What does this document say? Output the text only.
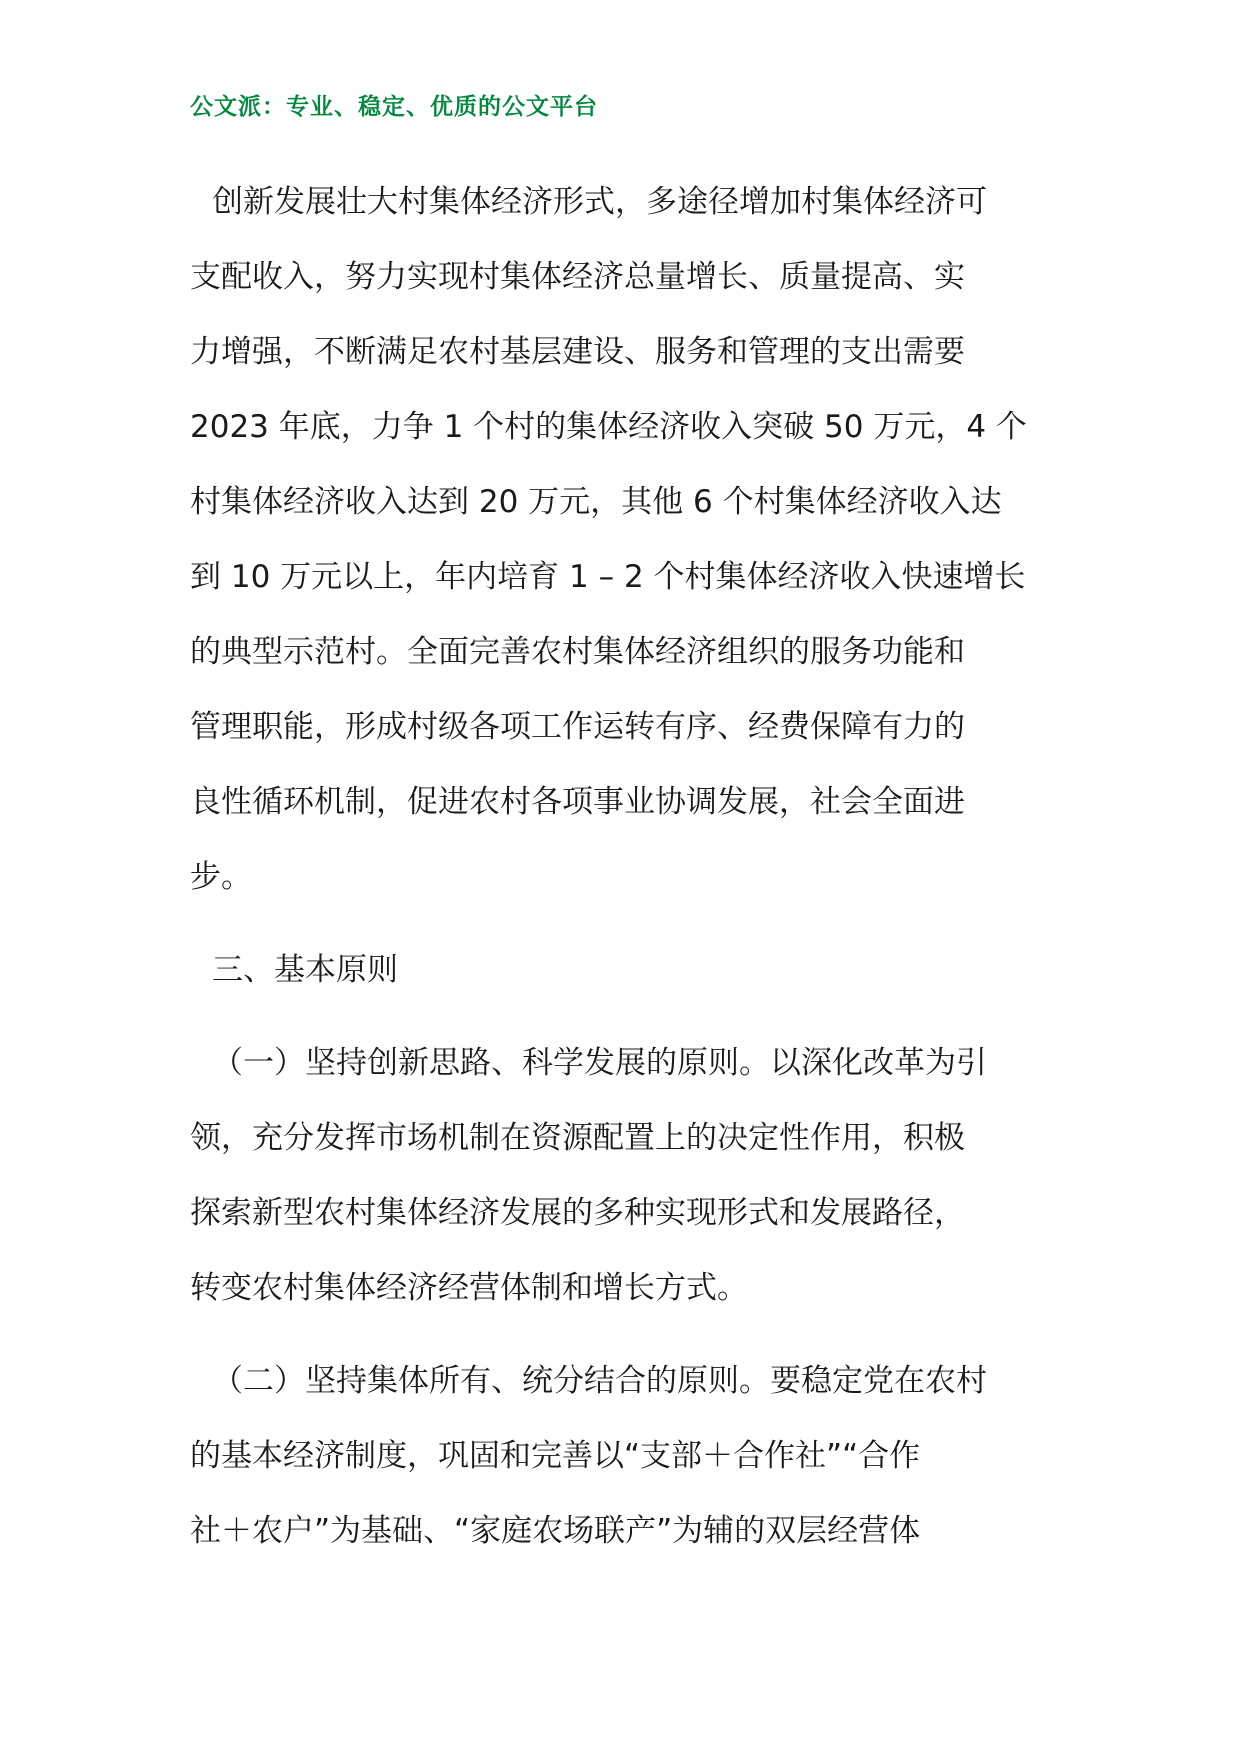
公文派：专业、稳定、优质的公文平台
创新发展壮大村集体经济形式，多途径增加村集体经济可
支配收入，努力实现村集体经济总量增长、质量提高、实
力增强，不断满足农村基层建设、服务和管理的支出需要
2023 年底，力争 1 个村的集体经济收入突破 50 万元，4 个
村集体经济收入达到 20 万元，其他 6 个村集体经济收入达
到 10 万元以上，年内培育 1 – 2 个村集体经济收入快速增长
的典型示范村。全面完善农村集体经济组织的服务功能和
管理职能，形成村级各项工作运转有序、经费保障有力的
良性循环机制，促进农村各项事业协调发展，社会全面进
步。
三、基本原则
（一）坚持创新思路、科学发展的原则。以深化改革为引
领，充分发挥市场机制在资源配置上的决定性作用，积极
探索新型农村集体经济发展的多种实现形式和发展路径，
转变农村集体经济经营体制和增长方式。
（二）坚持集体所有、统分结合的原则。要稳定党在农村
的基本经济制度，巩固和完善以“支部＋合作社”“合作
社＋农户”为基础、“家庭农场联产”为辅的双层经营体
